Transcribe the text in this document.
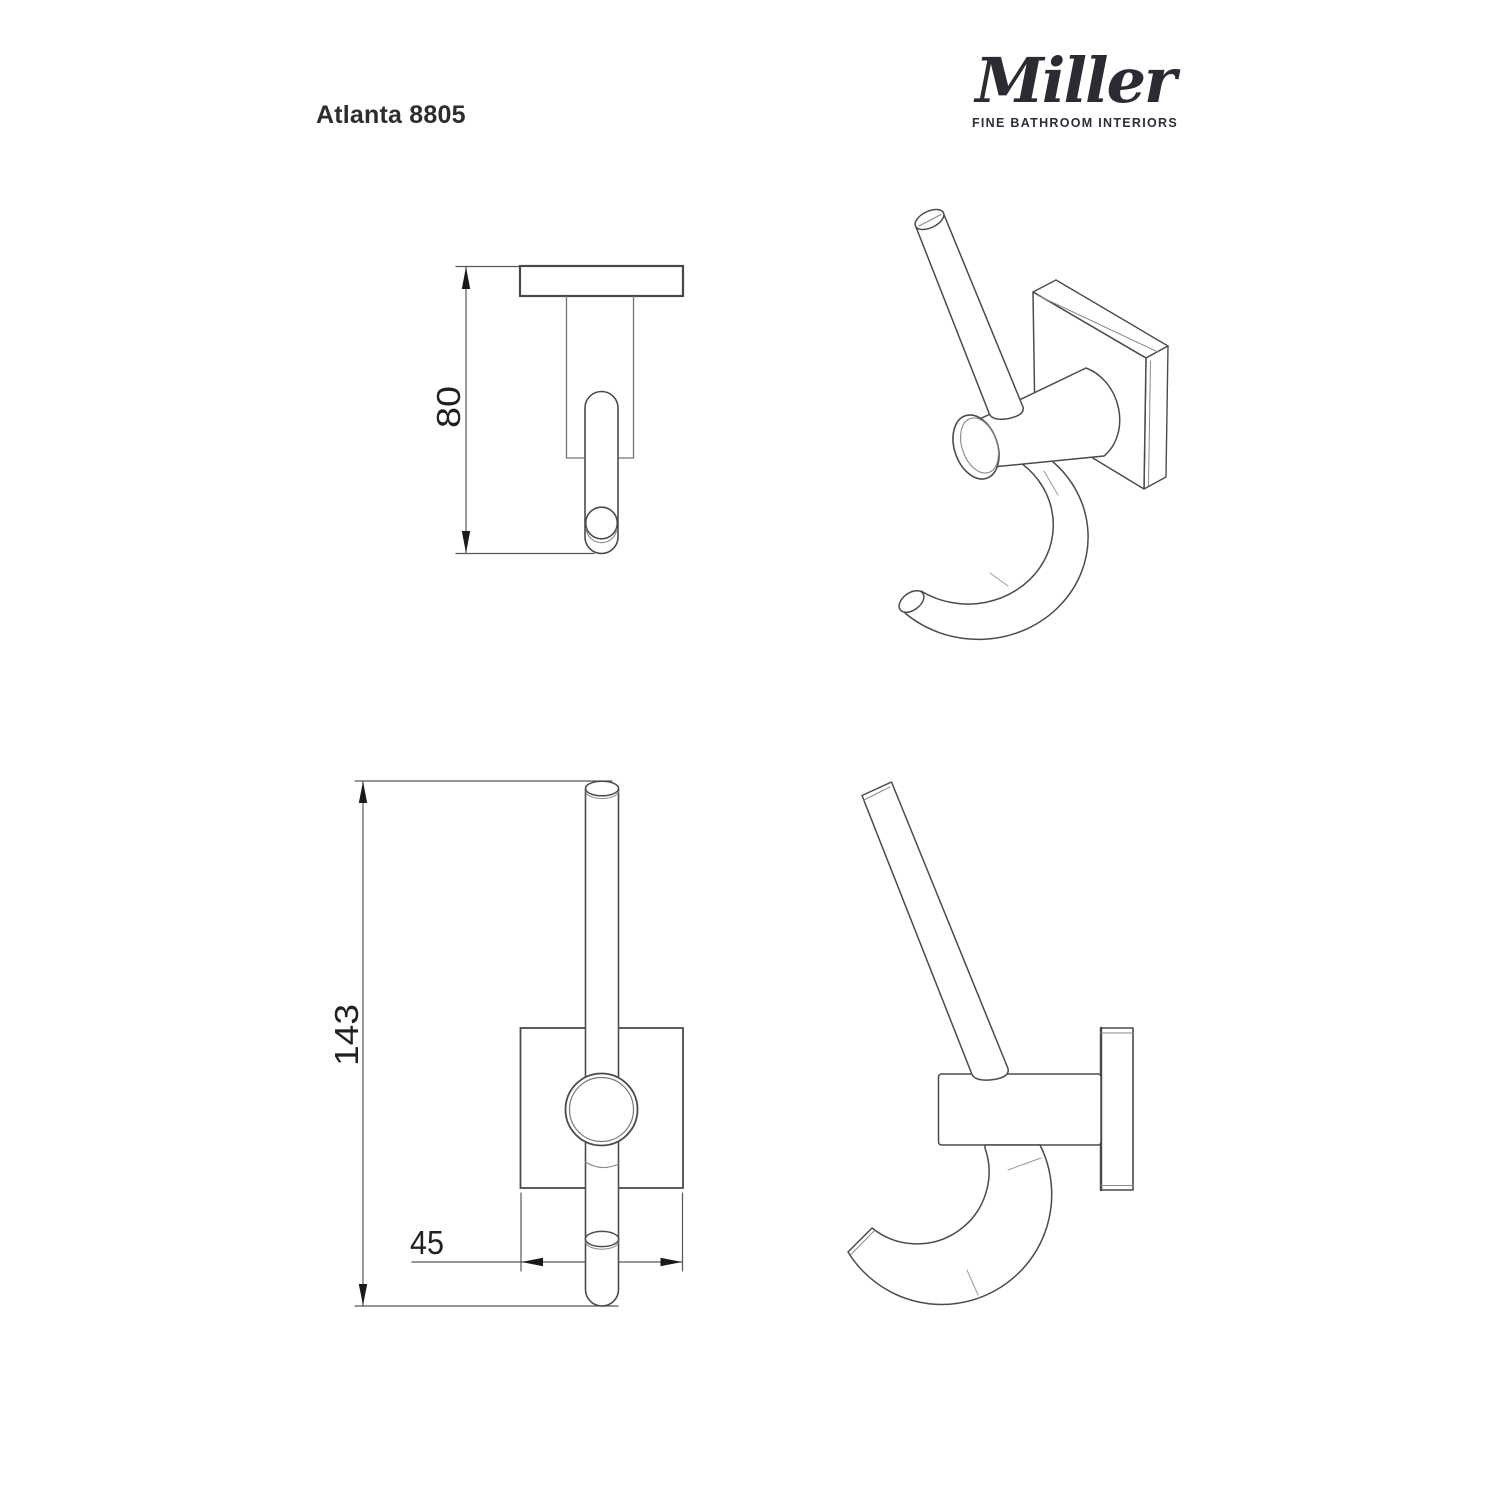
Atlanta 8805	Miller
FINE BATHROOM INTERIORS
80
143
45
